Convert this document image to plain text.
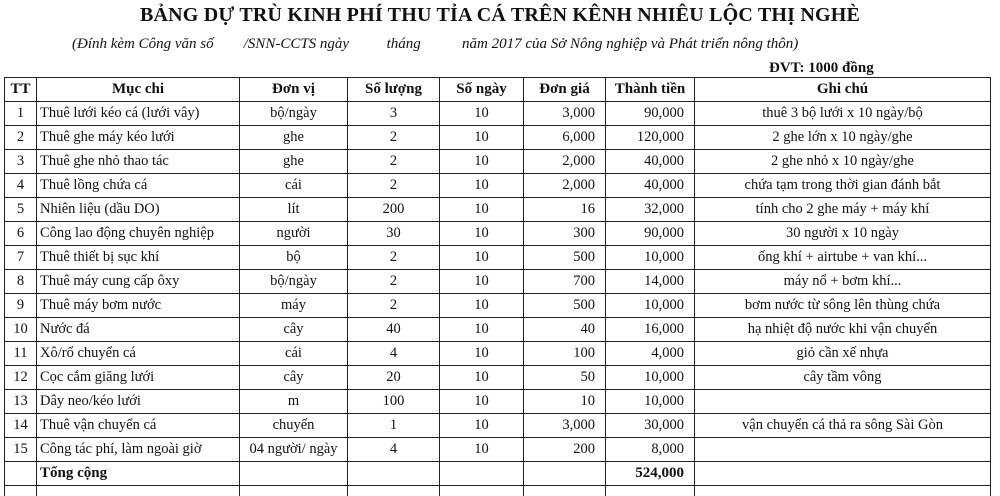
BẢNG DỰ TRÙ KINH PHÍ THU TỈA CÁ TRÊN KÊNH NHIÊU LỘC THỊ NGHÈ
(Đính kèm Công văn số        /SNN-CCTS ngày          tháng           năm 2017 của Sở Nông nghiệp và Phát triển nông thôn)
ĐVT: 1000 đồng
TT	Mục chi	Đơn vị	Số lượng	Số ngày	Đơn giá	Thành tiền	Ghi chú
1	Thuê lưới kéo cá (lưới vây)	bộ/ngày	3	10	3,000	90,000	thuê 3 bộ lưới x 10 ngày/bộ
2	Thuê ghe máy kéo lưới	ghe	2	10	6,000	120,000	2 ghe lớn x 10 ngày/ghe
3	Thuê ghe nhỏ thao tác	ghe	2	10	2,000	40,000	2 ghe nhỏ x 10 ngày/ghe
4	Thuê lồng chứa cá	cái	2	10	2,000	40,000	chứa tạm trong thời gian đánh bắt
5	Nhiên liệu (dầu DO)	lít	200	10	16	32,000	tính cho 2 ghe máy + máy khí
6	Công lao động chuyên nghiệp	người	30	10	300	90,000	30 người x 10 ngày
7	Thuê thiết bị sục khí	bộ	2	10	500	10,000	ống khí + airtube + van khí...
8	Thuê máy cung cấp ôxy	bộ/ngày	2	10	700	14,000	máy nổ + bơm khí...
9	Thuê máy bơm nước	máy	2	10	500	10,000	bơm nước từ sông lên thùng chứa
10	Nước đá	cây	40	10	40	16,000	hạ nhiệt độ nước khi vận chuyển
11	Xô/rổ chuyển cá	cái	4	10	100	4,000	giỏ cần xế nhựa
12	Cọc cắm giăng lưới	cây	20	10	50	10,000	cây tầm vông
13	Dây neo/kéo lưới	m	100	10	10	10,000	
14	Thuê vận chuyển cá	chuyến	1	10	3,000	30,000	vận chuyển cá thả ra sông Sài Gòn
15	Công tác phí, làm ngoài giờ	04 người/ ngày	4	10	200	8,000	
	Tổng cộng					524,000	
